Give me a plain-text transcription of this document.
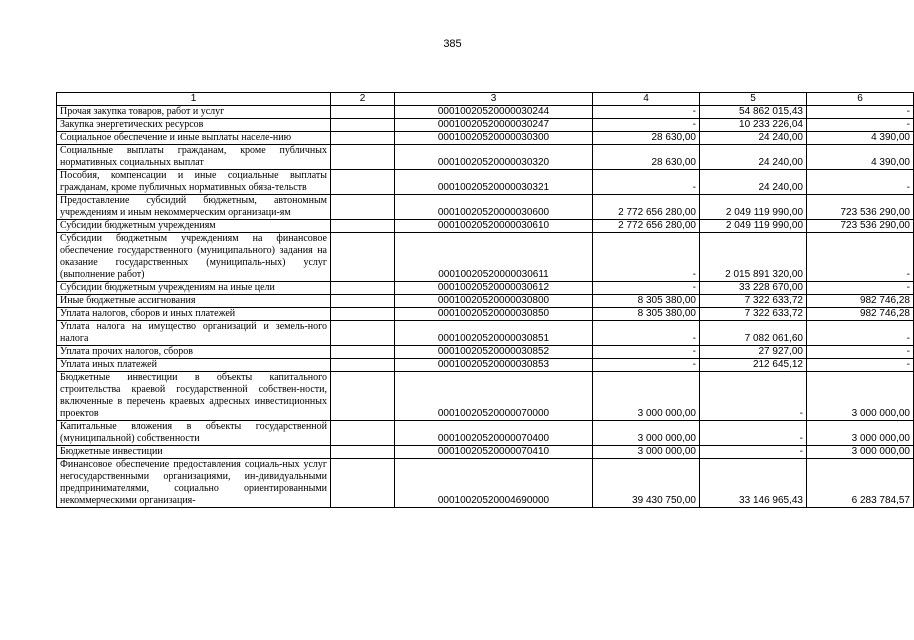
385
1	2	3	4	5	6
Прочая закупка товаров, работ и услуг		00010020520000030244	-	54 862 015,43	-
Закупка энергетических ресурсов		00010020520000030247	-	10 233 226,04	-
Социальное обеспечение и иные выплаты населе-нию		00010020520000030300	28 630,00	24 240,00	4 390,00
Социальные выплаты гражданам, кроме публичных нормативных социальных выплат		00010020520000030320	28 630,00	24 240,00	4 390,00
Пособия, компенсации и иные социальные выплаты гражданам, кроме публичных нормативных обяза-тельств		00010020520000030321	-	24 240,00	-
Предоставление субсидий бюджетным, автономным учреждениям и иным некоммерческим организаци-ям		00010020520000030600	2 772 656 280,00	2 049 119 990,00	723 536 290,00
Субсидии бюджетным учреждениям		00010020520000030610	2 772 656 280,00	2 049 119 990,00	723 536 290,00
Субсидии бюджетным учреждениям на финансовое обеспечение государственного (муниципального) задания на оказание государственных (муниципаль-ных) услуг (выполнение работ)		00010020520000030611	-	2 015 891 320,00	-
Субсидии бюджетным учреждениям на иные цели		00010020520000030612	-	33 228 670,00	-
Иные бюджетные ассигнования		00010020520000030800	8 305 380,00	7 322 633,72	982 746,28
Уплата налогов, сборов и иных платежей		00010020520000030850	8 305 380,00	7 322 633,72	982 746,28
Уплата налога на имущество организаций и земель-ного налога		00010020520000030851	-	7 082 061,60	-
Уплата прочих налогов, сборов		00010020520000030852	-	27 927,00	-
Уплата иных платежей		00010020520000030853	-	212 645,12	-
Бюджетные инвестиции в объекты капитального строительства краевой государственной собствен-ности, включенные в перечень краевых адресных инвестиционных проектов		00010020520000070000	3 000 000,00	-	3 000 000,00
Капитальные вложения в объекты государственной (муниципальной) собственности		00010020520000070400	3 000 000,00	-	3 000 000,00
Бюджетные инвестиции		00010020520000070410	3 000 000,00	-	3 000 000,00
Финансовое обеспечение предоставления социаль-ных услуг негосударственными организациями, ин-дивидуальными предпринимателями, социально ориентированными некоммерческими организация-		00010020520004690000	39 430 750,00	33 146 965,43	6 283 784,57
